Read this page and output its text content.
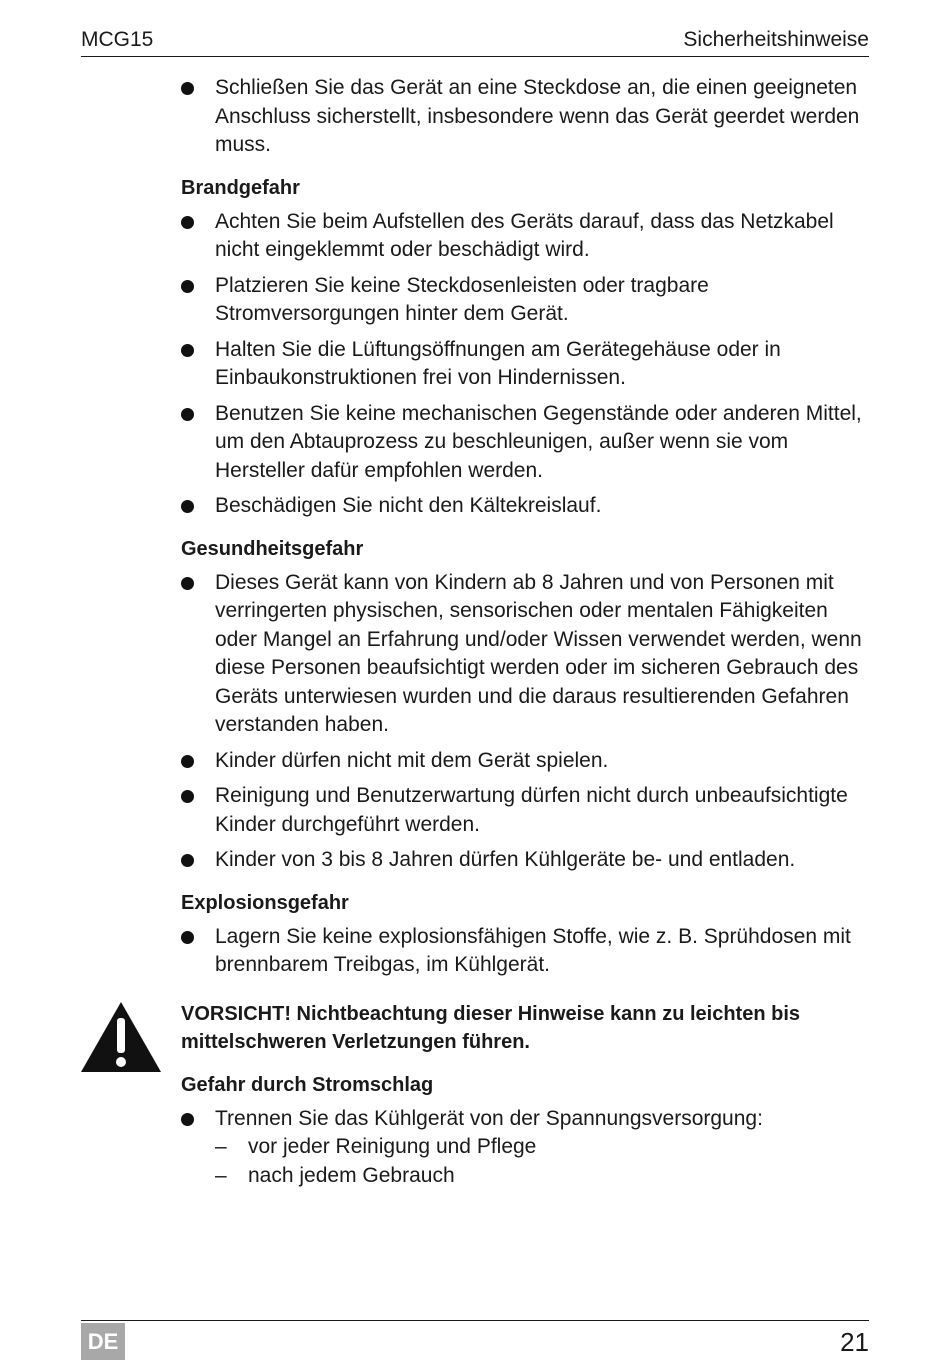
MCG15	Sicherheitshinweise
Schließen Sie das Gerät an eine Steckdose an, die einen geeigneten Anschluss sicherstellt, insbesondere wenn das Gerät geerdet werden muss.
Brandgefahr
Achten Sie beim Aufstellen des Geräts darauf, dass das Netzkabel nicht eingeklemmt oder beschädigt wird.
Platzieren Sie keine Steckdosenleisten oder tragbare Stromversorgungen hinter dem Gerät.
Halten Sie die Lüftungsöffnungen am Gerätegehäuse oder in Einbaukonstruktionen frei von Hindernissen.
Benutzen Sie keine mechanischen Gegenstände oder anderen Mittel, um den Abtauprozess zu beschleunigen, außer wenn sie vom Hersteller dafür empfohlen werden.
Beschädigen Sie nicht den Kältekreislauf.
Gesundheitsgefahr
Dieses Gerät kann von Kindern ab 8 Jahren und von Personen mit verringerten physischen, sensorischen oder mentalen Fähigkeiten oder Mangel an Erfahrung und/oder Wissen verwendet werden, wenn diese Personen beaufsichtigt werden oder im sicheren Gebrauch des Geräts unterwiesen wurden und die daraus resultierenden Gefahren verstanden haben.
Kinder dürfen nicht mit dem Gerät spielen.
Reinigung und Benutzerwartung dürfen nicht durch unbeaufsichtigte Kinder durchgeführt werden.
Kinder von 3 bis 8 Jahren dürfen Kühlgeräte be- und entladen.
Explosionsgefahr
Lagern Sie keine explosionsfähigen Stoffe, wie z. B. Sprühdosen mit brennbarem Treibgas, im Kühlgerät.
VORSICHT! Nichtbeachtung dieser Hinweise kann zu leichten bis mittelschweren Verletzungen führen.
Gefahr durch Stromschlag
Trennen Sie das Kühlgerät von der Spannungsversorgung:
– vor jeder Reinigung und Pflege
– nach jedem Gebrauch
DE	21
